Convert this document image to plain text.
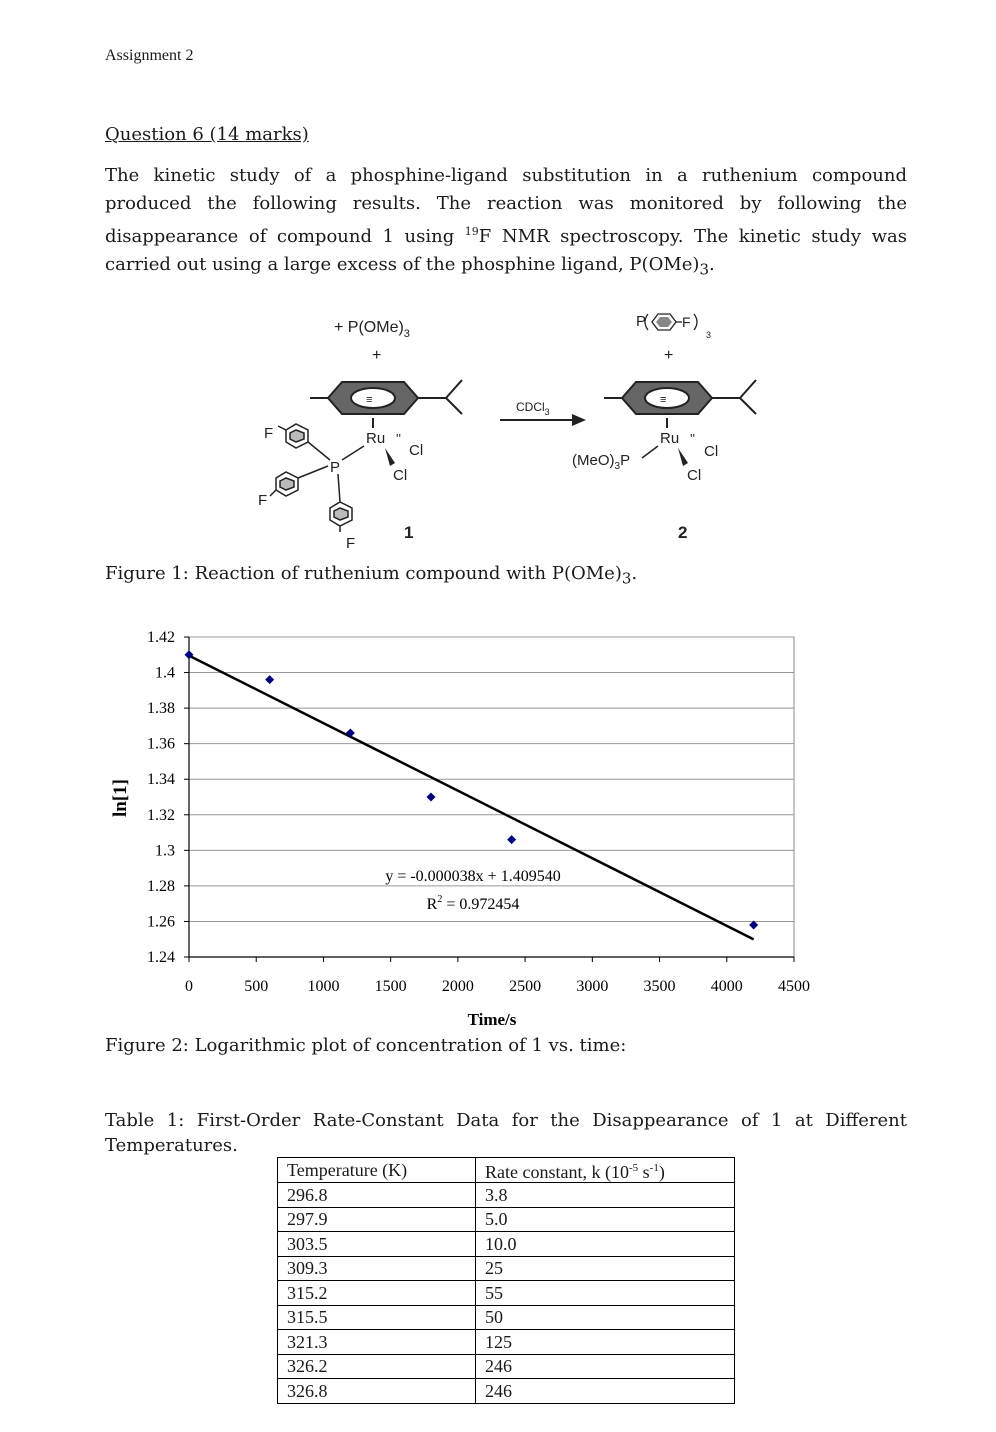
Assignment 2
Question 6 (14 marks)
The kinetic study of a phosphine-ligand substitution in a ruthenium compound produced the following results. The reaction was monitored by following the disappearance of compound 1 using $^{19}$F NMR spectroscopy. The kinetic study was carried out using a large excess of the phosphine ligand, $P(OMe)_3$.
+ $P(OMe)_3$
+
≡
Ru ''
Cl
Cl
P
F
F
F
1
CDCl$_3$
P	F
3
+
≡
Ru ''
Cl
Cl
$(MeO)_3P$
2
Figure 1: Reaction of ruthenium compound with $P(OMe)_3$.
1.24
1.26
1.28
1.3
1.32
1.34
1.36
1.38
1.4
1.42
0	500 1000 1500 2000 2500 3000 3500 4000 4500
y = -0.000038x + 1.409540
$R^2 = 0.972454$
Time/s
ln[1]
Figure 2: Logarithmic plot of concentration of 1 vs. time:
Table 1: First-Order Rate-Constant Data for the Disappearance of 1 at Different Temperatures.
Temperature (K)	Rate constant, k ($10^{-5}$ $s^{-1}$)
296.8	3.8
297.9	5.0
303.5	10.0
309.3	25
315.2	55
315.5	50
321.3	125
326.2	246
326.8	246
